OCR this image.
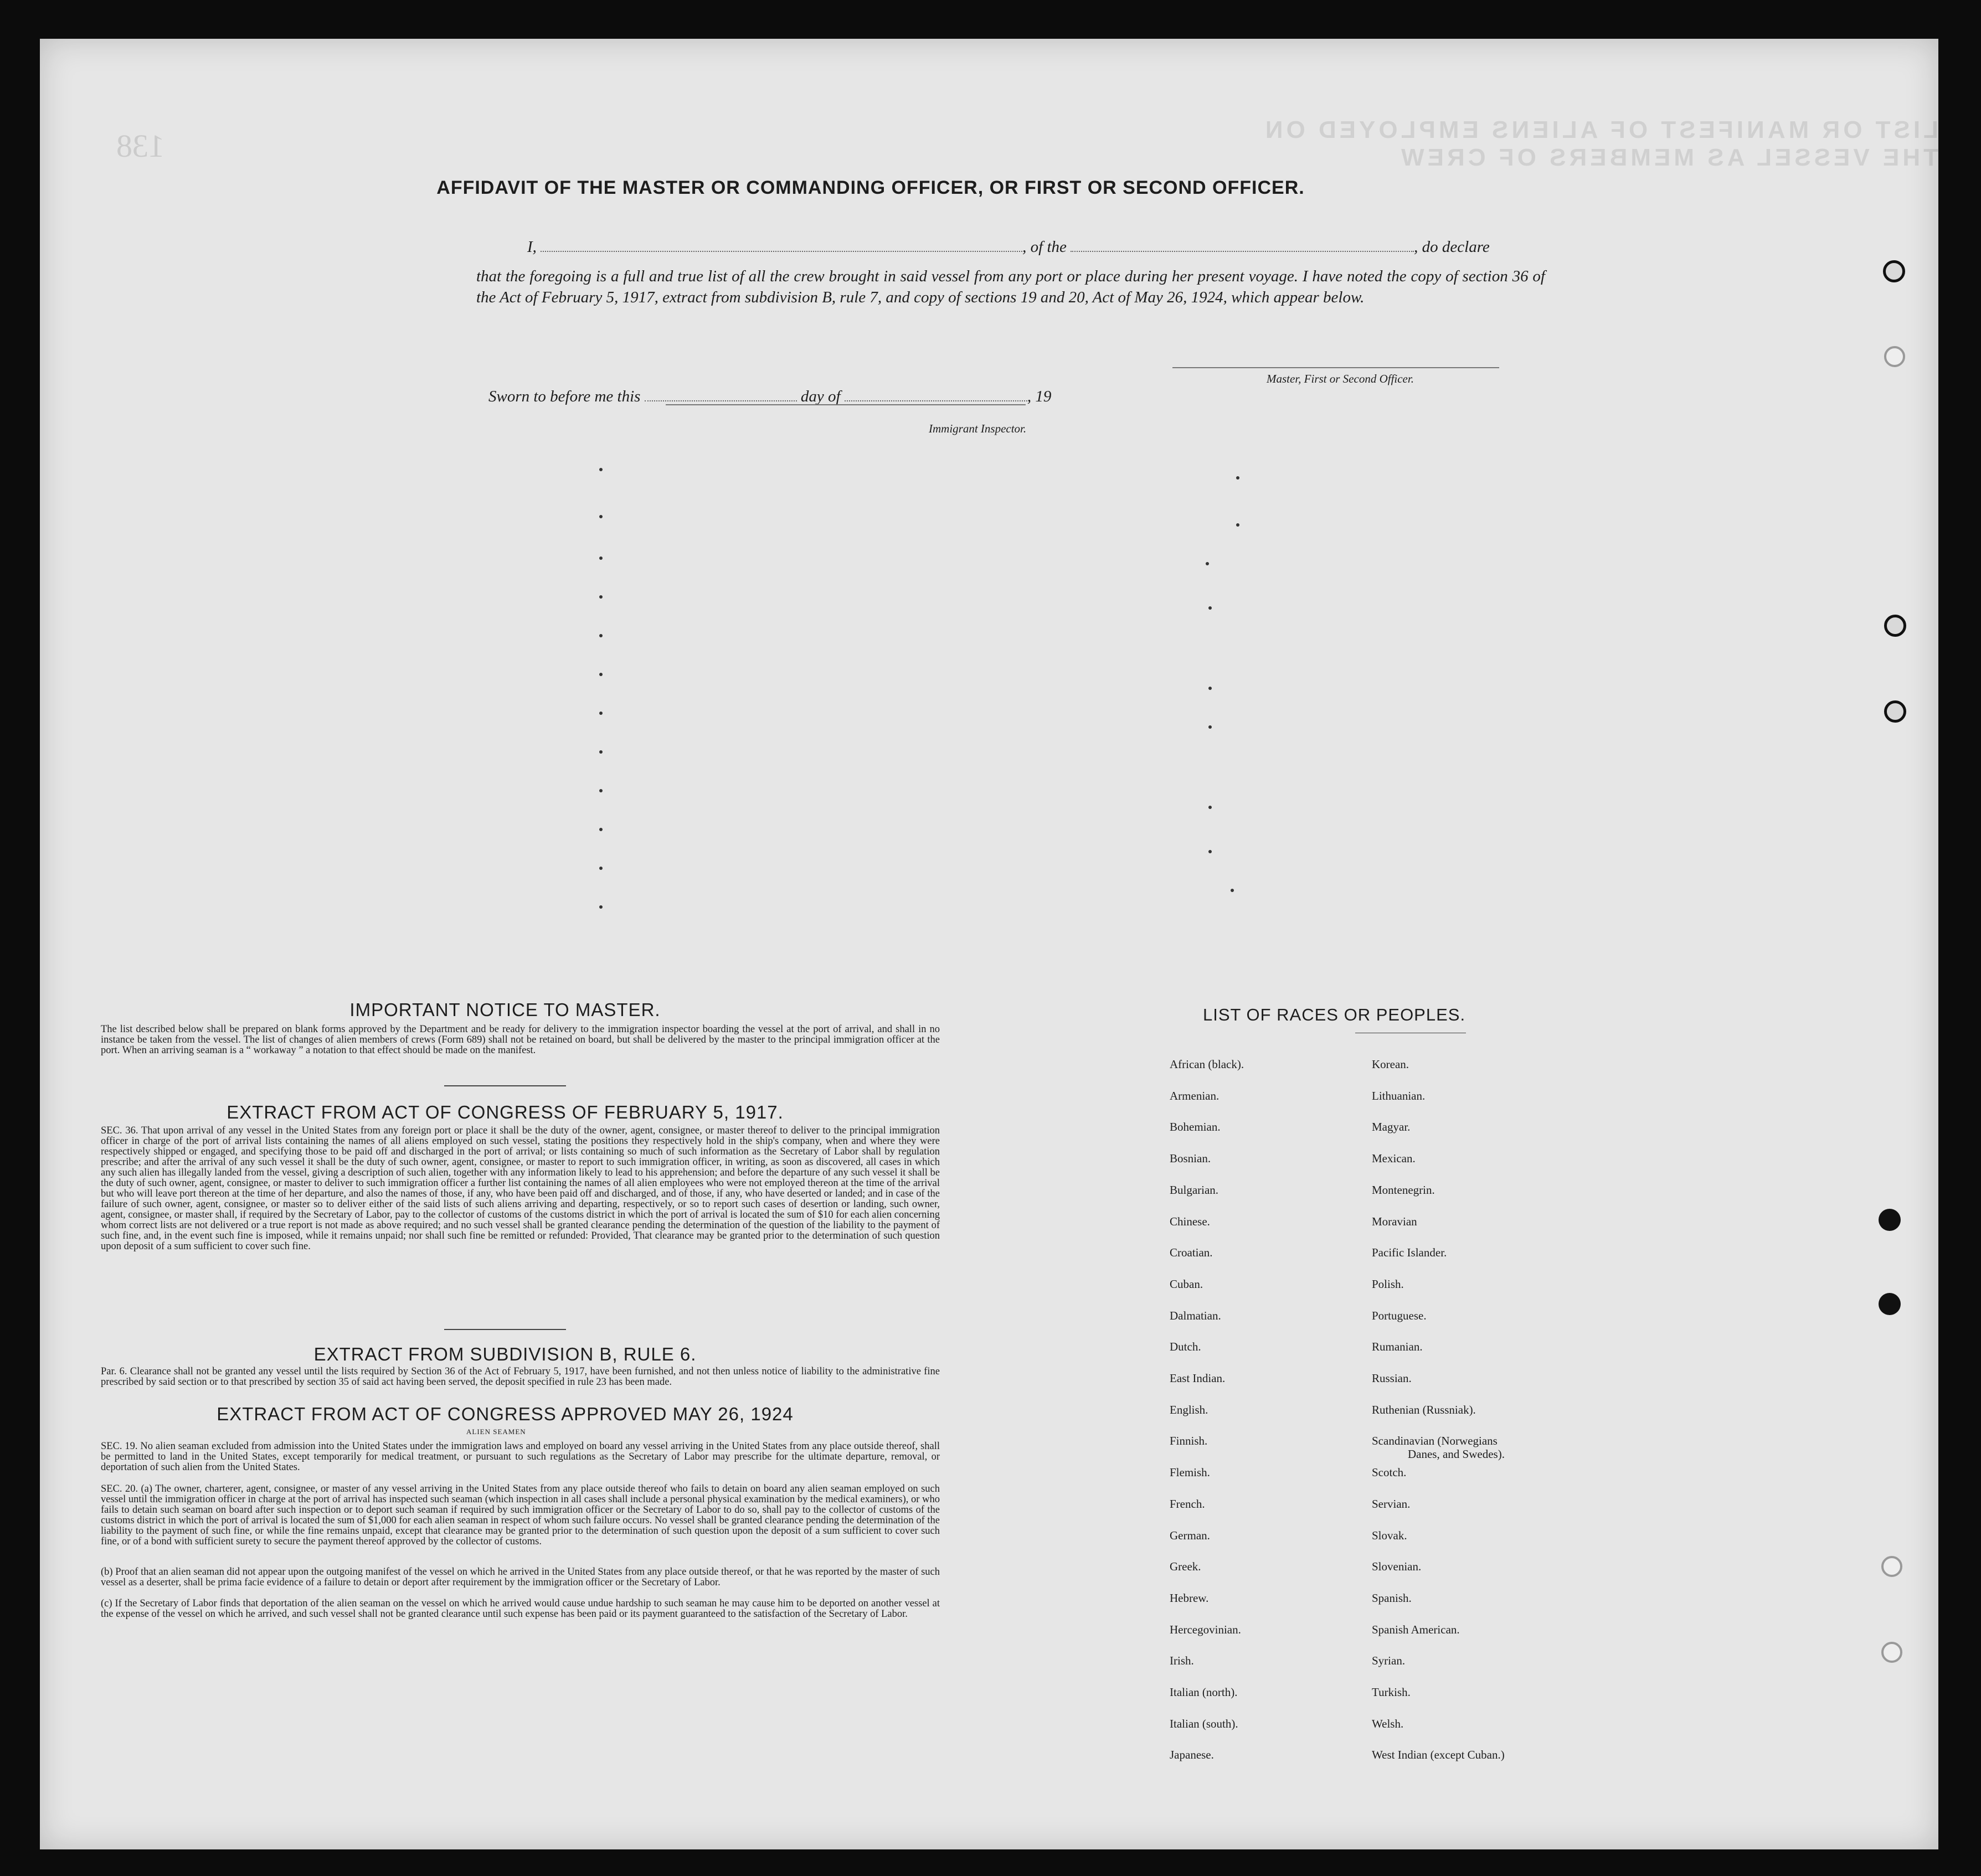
LIST OR MANIFEST OF ALIENS EMPLOYED ON THE VESSEL AS MEMBERS OF CREW
138
AFFIDAVIT OF THE MASTER OR COMMANDING OFFICER, OR FIRST OR SECOND OFFICER.
I,	, of the	, do declare
that the foregoing is a full and true list of all the crew brought in said vessel from any port or place during her present voyage. I have noted the copy of section 36 of the Act of February 5, 1917, extract from subdivision B, rule 7, and copy of sections 19 and 20, Act of May 26, 1924, which appear below.
Master, First or Second Officer.
Sworn to before me this	day of	, 19
Immigrant Inspector.
IMPORTANT NOTICE TO MASTER.
The list described below shall be prepared on blank forms approved by the Department and be ready for delivery to the immigration inspector boarding the vessel at the port of arrival, and shall in no instance be taken from the vessel. The list of changes of alien members of crews (Form 689) shall not be retained on board, but shall be delivered by the master to the principal immigration officer at the port. When an arriving seaman is a “ workaway ” a notation to that effect should be made on the manifest.
EXTRACT FROM ACT OF CONGRESS OF FEBRUARY 5, 1917.
SEC. 36. That upon arrival of any vessel in the United States from any foreign port or place it shall be the duty of the owner, agent, consignee, or master thereof to deliver to the principal immigration officer in charge of the port of arrival lists containing the names of all aliens employed on such vessel, stating the positions they respectively hold in the ship's company, when and where they were respectively shipped or engaged, and specifying those to be paid off and discharged in the port of arrival; or lists containing so much of such information as the Secretary of Labor shall by regulation prescribe; and after the arrival of any such vessel it shall be the duty of such owner, agent, consignee, or master to report to such immigration officer, in writing, as soon as discovered, all cases in which any such alien has illegally landed from the vessel, giving a description of such alien, together with any information likely to lead to his apprehension; and before the departure of any such vessel it shall be the duty of such owner, agent, consignee, or master to deliver to such immigration officer a further list containing the names of all alien employees who were not employed thereon at the time of the arrival but who will leave port thereon at the time of her departure, and also the names of those, if any, who have been paid off and discharged, and of those, if any, who have deserted or landed; and in case of the failure of such owner, agent, consignee, or master so to deliver either of the said lists of such aliens arriving and departing, respectively, or so to report such cases of desertion or landing, such owner, agent, consignee, or master shall, if required by the Secretary of Labor, pay to the collector of customs of the customs district in which the port of arrival is located the sum of $10 for each alien concerning whom correct lists are not delivered or a true report is not made as above required; and no such vessel shall be granted clearance pending the determination of the question of the liability to the payment of such fine, and, in the event such fine is imposed, while it remains unpaid; nor shall such fine be remitted or refunded: Provided, That clearance may be granted prior to the determination of such question upon deposit of a sum sufficient to cover such fine.
EXTRACT FROM SUBDIVISION B, RULE 6.
Par. 6. Clearance shall not be granted any vessel until the lists required by Section 36 of the Act of February 5, 1917, have been furnished, and not then unless notice of liability to the administrative fine prescribed by said section or to that prescribed by section 35 of said act having been served, the deposit specified in rule 23 has been made.
EXTRACT FROM ACT OF CONGRESS APPROVED MAY 26, 1924
ALIEN SEAMEN
SEC. 19. No alien seaman excluded from admission into the United States under the immigration laws and employed on board any vessel arriving in the United States from any place outside thereof, shall be permitted to land in the United States, except temporarily for medical treatment, or pursuant to such regulations as the Secretary of Labor may prescribe for the ultimate departure, removal, or deportation of such alien from the United States.
SEC. 20. (a) The owner, charterer, agent, consignee, or master of any vessel arriving in the United States from any place outside thereof who fails to detain on board any alien seaman employed on such vessel until the immigration officer in charge at the port of arrival has inspected such seaman (which inspection in all cases shall include a personal physical examination by the medical examiners), or who fails to detain such seaman on board after such inspection or to deport such seaman if required by such immigration officer or the Secretary of Labor to do so, shall pay to the collector of customs of the customs district in which the port of arrival is located the sum of $1,000 for each alien seaman in respect of whom such failure occurs. No vessel shall be granted clearance pending the determination of the liability to the payment of such fine, or while the fine remains unpaid, except that clearance may be granted prior to the determination of such question upon the deposit of a sum sufficient to cover such fine, or of a bond with sufficient surety to secure the payment thereof approved by the collector of customs.
(b) Proof that an alien seaman did not appear upon the outgoing manifest of the vessel on which he arrived in the United States from any place outside thereof, or that he was reported by the master of such vessel as a deserter, shall be prima facie evidence of a failure to detain or deport after requirement by the immigration officer or the Secretary of Labor.
(c) If the Secretary of Labor finds that deportation of the alien seaman on the vessel on which he arrived would cause undue hardship to such seaman he may cause him to be deported on another vessel at the expense of the vessel on which he arrived, and such vessel shall not be granted clearance until such expense has been paid or its payment guaranteed to the satisfaction of the Secretary of Labor.
LIST OF RACES OR PEOPLES.
African (black).
Armenian.
Bohemian.
Bosnian.
Bulgarian.
Chinese.
Croatian.
Cuban.
Dalmatian.
Dutch.
East Indian.
English.
Finnish.
Flemish.
French.
German.
Greek.
Hebrew.
Hercegovinian.
Irish.
Italian (north).
Italian (south).
Japanese.
Korean.
Lithuanian.
Magyar.
Mexican.
Montenegrin.
Moravian
Pacific Islander.
Polish.
Portuguese.
Rumanian.
Russian.
Ruthenian (Russniak).
Scandinavian (Norwegians
Danes, and Swedes).
Scotch.
Servian.
Slovak.
Slovenian.
Spanish.
Spanish American.
Syrian.
Turkish.
Welsh.
West Indian (except Cuban.)
